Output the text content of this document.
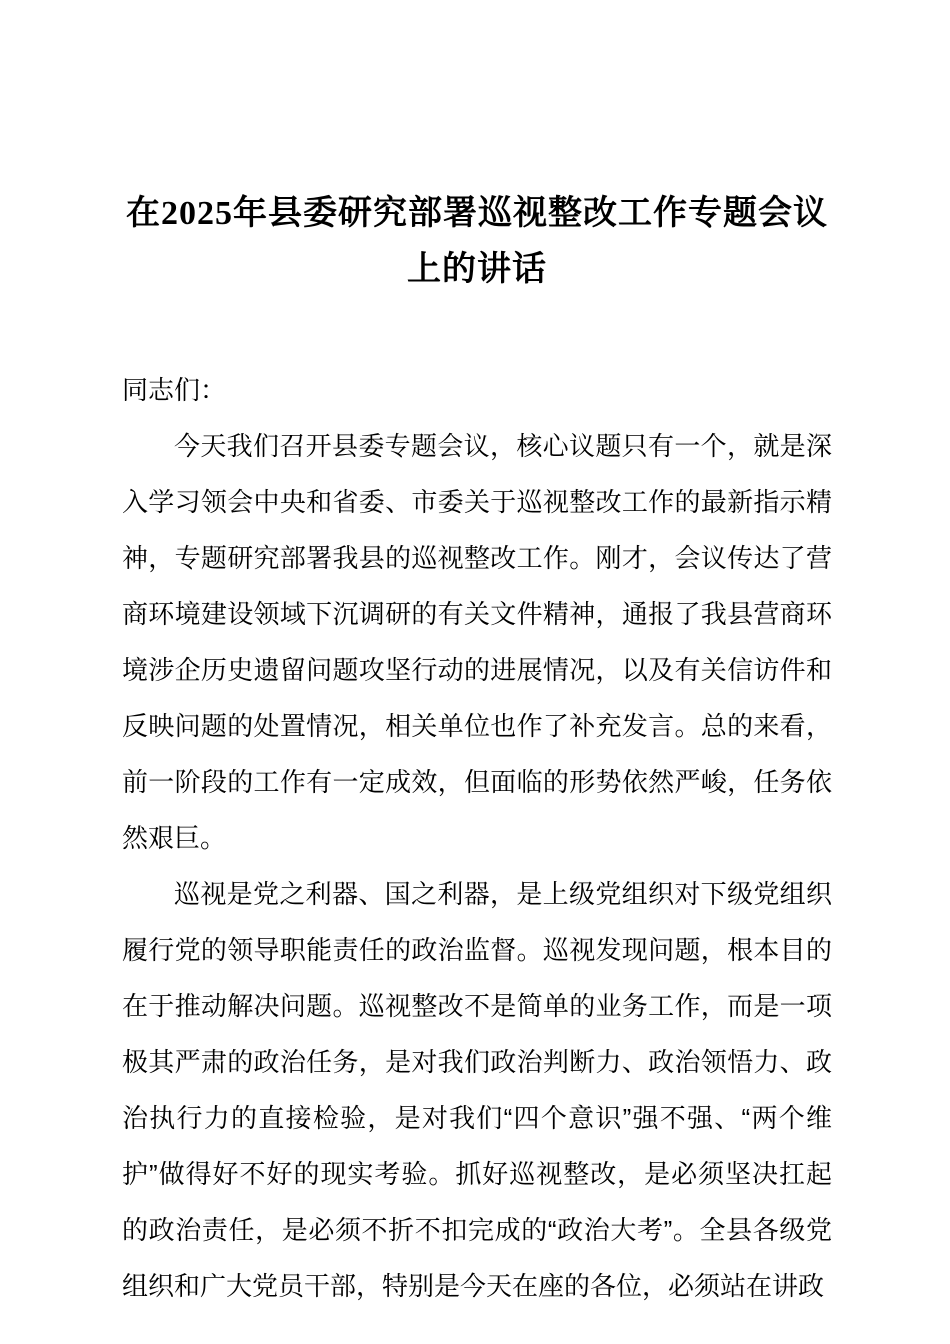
在2025年县委研究部署巡视整改工作专题会议上的讲话

同志们：

今天我们召开县委专题会议，核心议题只有一个，就是深入学习领会中央和省委、市委关于巡视整改工作的最新指示精神，专题研究部署我县的巡视整改工作。刚才，会议传达了营商环境建设领域下沉调研的有关文件精神，通报了我县营商环境涉企历史遗留问题攻坚行动的进展情况，以及有关信访件和反映问题的处置情况，相关单位也作了补充发言。总的来看，前一阶段的工作有一定成效，但面临的形势依然严峻，任务依然艰巨。

巡视是党之利器、国之利器，是上级党组织对下级党组织履行党的领导职能责任的政治监督。巡视发现问题，根本目的在于推动解决问题。巡视整改不是简单的业务工作，而是一项极其严肃的政治任务，是对我们政治判断力、政治领悟力、政治执行力的直接检验，是对我们“四个意识”强不强、“两个维护”做得好不好的现实考验。抓好巡视整改，是必须坚决扛起的政治责任，是必须不折不扣完成的“政治大考”。全县各级党组织和广大党员干部，特别是今天在座的各位，必须站在讲政
